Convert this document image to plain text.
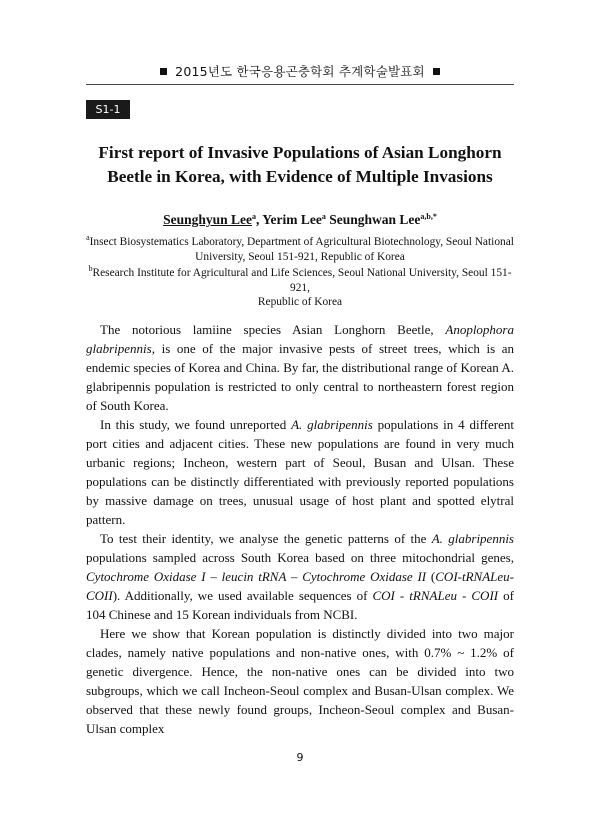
2015년도 한국응용곤충학회 추계학술발표회
S1-1
First report of Invasive Populations of Asian Longhorn
Beetle in Korea, with Evidence of Multiple Invasions
Seunghyun Lee$^a$, Yerim Lee$^a$ Seunghwan Lee$^{a,b,*}$
$^a$Insect Biosystematics Laboratory, Department of Agricultural Biotechnology, Seoul National
University, Seoul 151-921, Republic of Korea
$^b$Research Institute for Agricultural and Life Sciences, Seoul National University, Seoul 151-921,
Republic of Korea

The notorious lamiine species Asian Longhorn Beetle, Anoplophora glabripennis, is one of the major invasive pests of street trees, which is an endemic species of Korea and China. By far, the distributional range of Korean A. glabripennis population is restricted to only central to northeastern forest region of South Korea.

In this study, we found unreported A. glabripennis populations in 4 different port cities and adjacent cities. These new populations are found in very much urbanic regions; Incheon, western part of Seoul, Busan and Ulsan. These populations can be distinctly differentiated with previously reported populations by massive damage on trees, unusual usage of host plant and spotted elytral pattern.

To test their identity, we analyse the genetic patterns of the A. glabripennis populations sampled across South Korea based on three mitochondrial genes, Cytochrome Oxidase I – leucin tRNA – Cytochrome Oxidase II (COI-tRNALeu-COII). Additionally, we used available sequences of COI - tRNALeu - COII of 104 Chinese and 15 Korean individuals from NCBI.

Here we show that Korean population is distinctly divided into two major clades, namely native populations and non-native ones, with 0.7% ~ 1.2% of genetic divergence. Hence, the non-native ones can be divided into two subgroups, which we call Incheon-Seoul complex and Busan-Ulsan complex. We observed that these newly found groups, Incheon-Seoul complex and Busan-Ulsan complex

9
